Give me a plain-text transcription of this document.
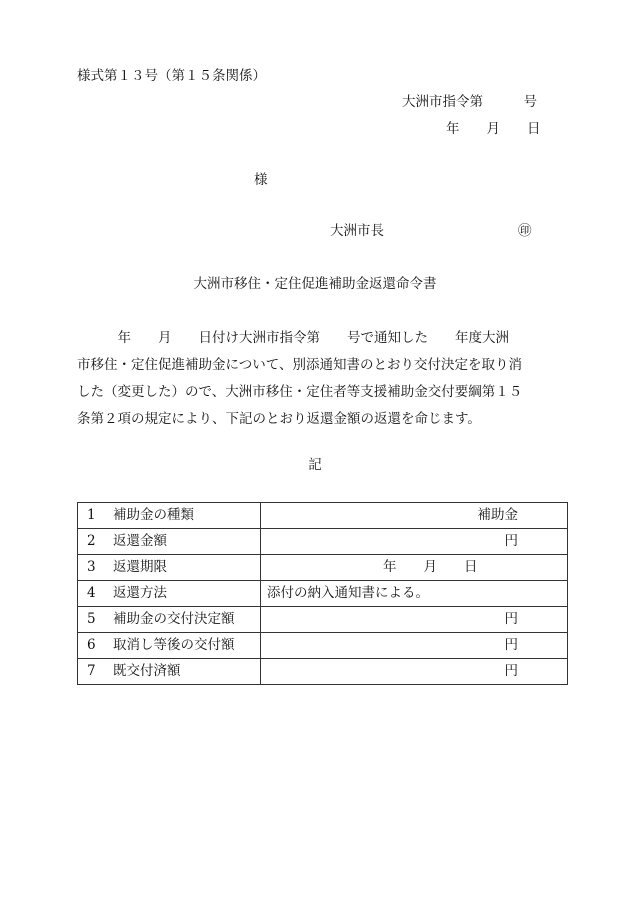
様式第１３号（第１５条関係）
大洲市指令第　　　号
年　　月　　日
様
大洲市長	㊞
大洲市移住・定住促進補助金返還命令書
　　　年　　月　　日付け大洲市指令第　　号で通知した　　年度大洲
市移住・定住促進補助金について、別添通知書のとおり交付決定を取り消
した（変更した）ので、大洲市移住・定住者等支援補助金交付要綱第１５
条第２項の規定により、下記のとおり返還金額の返還を命じます。
記
1 補助金の種類	補助金

2 返還金額	円

3 返還期限	年　　月　　日

4 返還方法	添付の納入通知書による。

5 補助金の交付決定額	円

6 取消し等後の交付額	円

7 既交付済額	円
